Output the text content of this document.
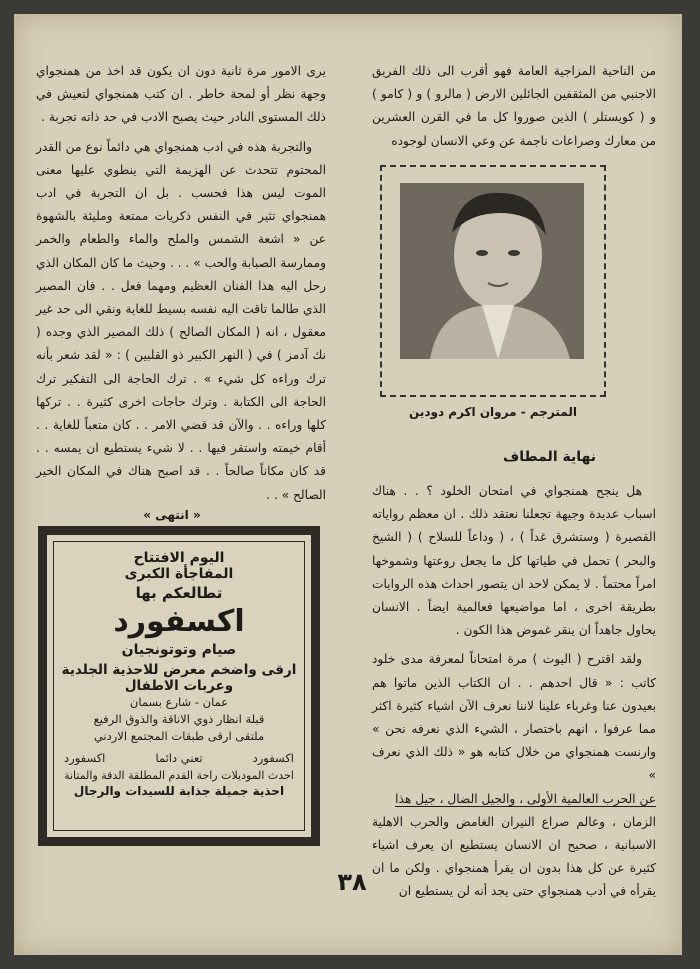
من الناحية المزاجية العامة فهو أقرب الى ذلك الفريق الاجنبي من المثقفين الجائلين الارض ( مالرو ) و ( كامو ) و ( كويستلر ) الذين صوروا كل ما في القرن العشرين من معارك وصراعات ناجمة عن وعي الانسان لوجوده

المترجم - مروان اكرم دودين
نهاية المطاف

هل ينجح همنجواي في امتحان الخلود ؟ . . هناك اسباب عديدة وجيهة تجعلنا نعتقد ذلك . ان معظم رواياته القصيرة ( وستشرق غداً ) ، ( وداعاً للسلاح ) ( الشيخ والبحر ) تحمل في طياتها كل ما يجعل روعتها وشموخها امراً محتماً . لا يمكن لاحد ان يتصور احداث هذه الروايات بطريقة اخرى ، اما مواضيعها فعالمية ايضاً . الانسان يحاول جاهداً ان ينقر غموض هذا الكون .

ولقد اقترح ( اليوت ) مرة امتحاناً لمعرفة مدى خلود كاتب : « قال احدهم . . ان الكتاب الذين ماتوا هم بعيدون عنا وغرباء علينا لاننا نعرف الآن اشياء كثيرة اكثر مما عرفوا ، انهم باختصار ، الشيء الذي نعرفه نحن » وارنست همنجواي من خلال كتابه هو « ذلك الذي نعرف »

عن الحرب العالمية الأولى ، والجيل الضال ، جيل هذا

الزمان ، وعالم صراع النيران الغامض والحرب الاهلية الاسبانية ، صحيح ان الانسان يستطيع ان يعرف اشياء كثيرة عن كل هذا بدون ان يقرأ همنجواي . ولكن ما ان يقرأه في أدب همنجواي حتى يجد أنه لن يستطيع ان

يرى الامور مرة ثانية دون ان يكون قد اخذ من همنجواي وجهة نظر أو لمحة خاطر . ان كتب همنجواي لتعيش في ذلك المستوى النادر حيث يصبح الادب في حد ذاته تجربة .

والتجربة هذه في ادب همنجواي هي دائماً نوع من القدر المحتوم تتحدث عن الهزيمة التي ينطوي عليها معنى الموت ليس هذا فحسب . بل ان التجربة في ادب همنجواي تثير في النفس ذكريات ممتعة ومليئة بالشهوة عن « اشعة الشمس والملح والماء والطعام والخمر وممارسة الصبابة والحب » . . . وحيث ما كان المكان الذي رحل اليه هذا الفنان العظيم ومهما فعل . . فان المصير الذي طالما تاقت اليه نفسه بسيط للغاية ونقي الى حد غير معقول ، انه ( المكان الصالح ) ذلك المصير الذي وجده ( نك آدمز ) في ( النهر الكبير ذو القلبين ) : « لقد شعر بأنه ترك وراءه كل شيء » . ترك الحاجة الى التفكير ترك الحاجة الى الكتابة . وترك حاجات اخرى كثيرة . . تركها كلها وراءه . . والآن قد قضي الامر . . كان متعباً للغاية . . أقام خيمته واستقر فيها . . لا شيء يستطيع ان يمسه . . قد كان مكاناً صالحاً . . قد اصبح هناك في المكان الخير الصالح » . .

« انتهى »
اليوم الافتتاح
المفاجأة الكبرى
تطالعكم بها
اكسفورد
صيام وتوتونجيان
ارقى واضخم معرض للاحذية الجلدية
وعربات الاطفال
عمان - شارع بسمان
قبلة انظار ذوي الاناقة والذوق الرفيع
ملتقى ارقى طبقات المجتمع الاردني
اكسفورد
تعني دائما
اكسفورد
احدث الموديلات راحة القدم المطلقة الدقة والمتانة
احذية جميلة جذابة للسيدات والرجال
٣٨
